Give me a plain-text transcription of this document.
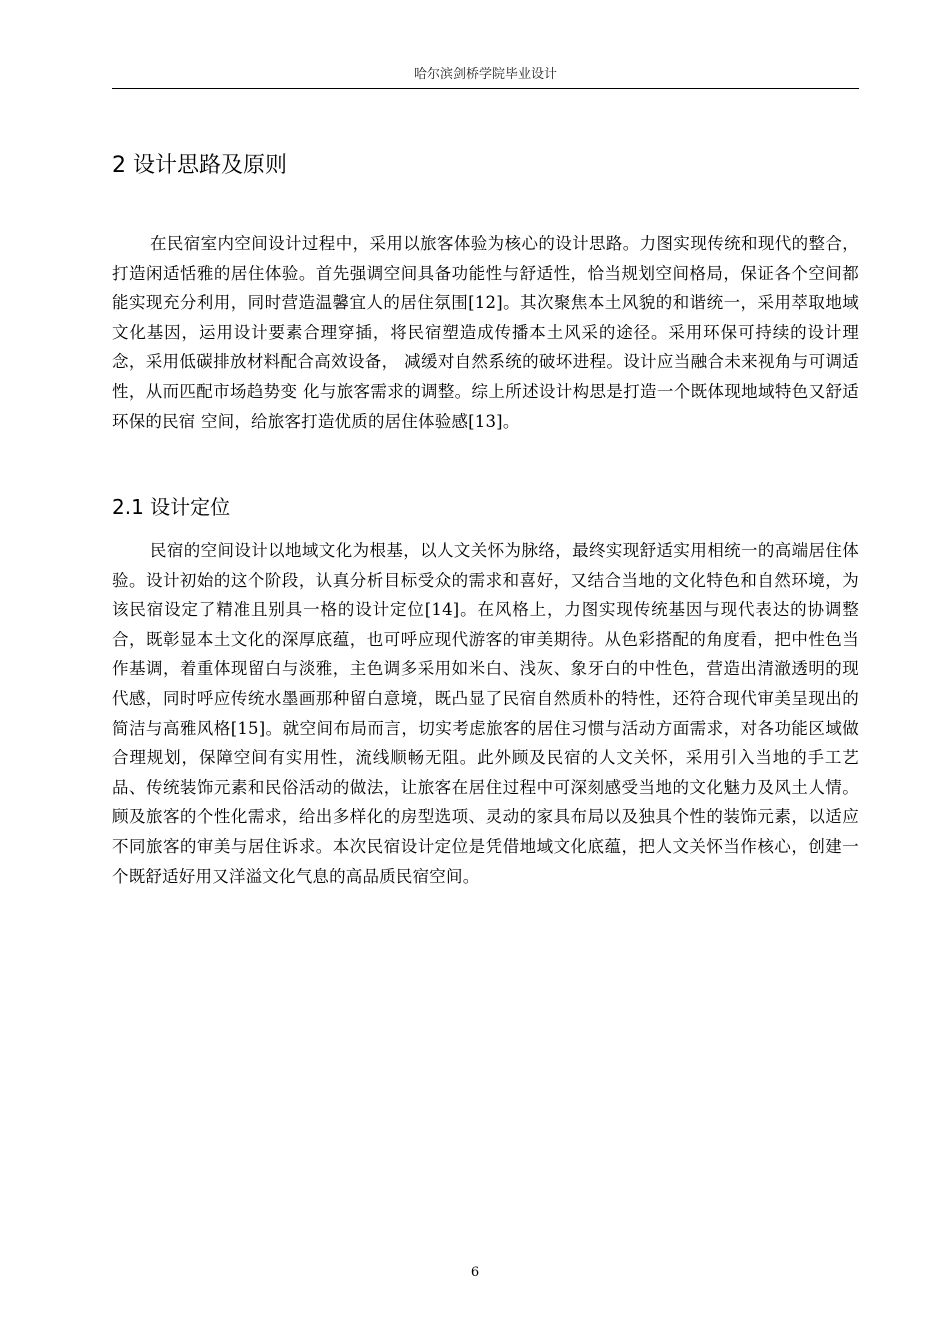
哈尔滨剑桥学院毕业设计
2 设计思路及原则

在民宿室内空间设计过程中，采用以旅客体验为核心的设计思路。力图实现传统和现代的整合，打造闲适恬雅的居住体验。首先强调空间具备功能性与舒适性，恰当规划空间格局，保证各个空间都能实现充分利用，同时营造温馨宜人的居住氛围[12]。其次聚焦本土风貌的和谐统一，采用萃取地域文化基因，运用设计要素合理穿插，将民宿塑造成传播本土风采的途径。采用环保可持续的设计理念，采用低碳排放材料配合高效设备， 减缓对自然系统的破坏进程。设计应当融合未来视角与可调适性，从而匹配市场趋势变 化与旅客需求的调整。综上所述设计构思是打造一个既体现地域特色又舒适环保的民宿 空间，给旅客打造优质的居住体验感[13]。

2.1 设计定位

民宿的空间设计以地域文化为根基，以人文关怀为脉络，最终实现舒适实用相统一的高端居住体验。设计初始的这个阶段，认真分析目标受众的需求和喜好，又结合当地的文化特色和自然环境，为该民宿设定了精准且别具一格的设计定位[14]。在风格上，力图实现传统基因与现代表达的协调整合，既彰显本土文化的深厚底蕴，也可呼应现代游客的审美期待。从色彩搭配的角度看，把中性色当作基调，着重体现留白与淡雅，主色调多采用如米白、浅灰、象牙白的中性色，营造出清澈透明的现代感，同时呼应传统水墨画那种留白意境，既凸显了民宿自然质朴的特性，还符合现代审美呈现出的简洁与高雅风格[15]。就空间布局而言，切实考虑旅客的居住习惯与活动方面需求，对各功能区域做合理规划，保障空间有实用性，流线顺畅无阻。此外顾及民宿的人文关怀，采用引入当地的手工艺品、传统装饰元素和民俗活动的做法，让旅客在居住过程中可深刻感受当地的文化魅力及风土人情。顾及旅客的个性化需求，给出多样化的房型选项、灵动的家具布局以及独具个性的装饰元素，以适应不同旅客的审美与居住诉求。本次民宿设计定位是凭借地域文化底蕴，把人文关怀当作核心，创建一个既舒适好用又洋溢文化气息的高品质民宿空间。

6
